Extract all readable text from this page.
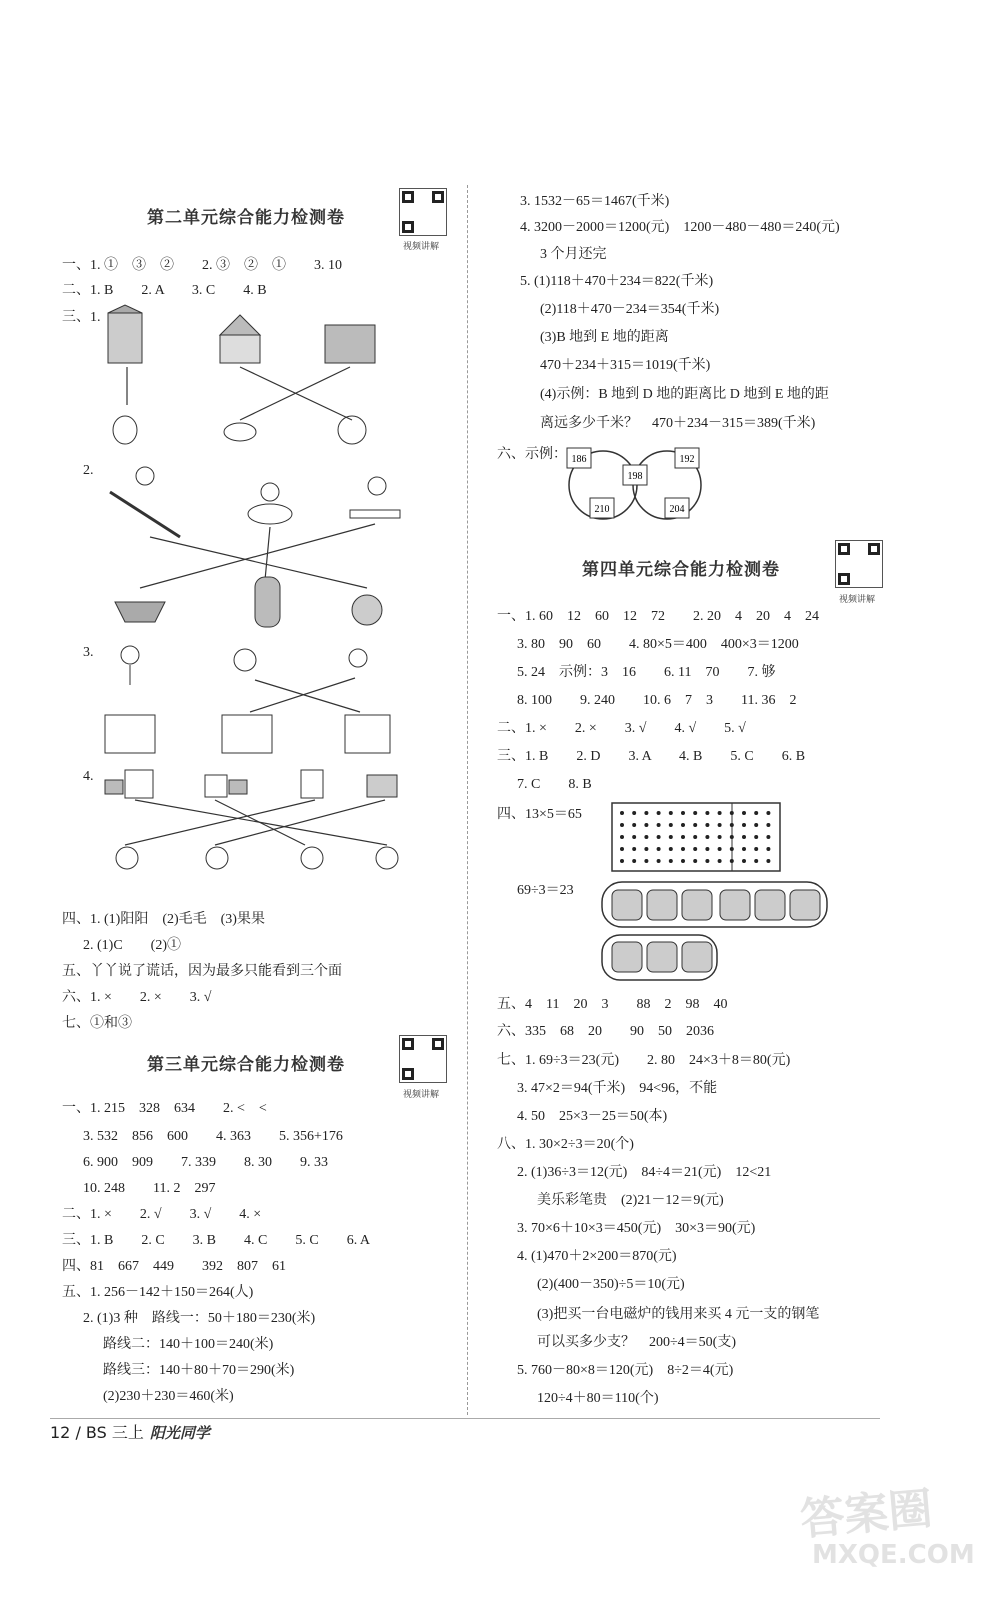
第二单元综合能力检测卷
视频讲解
一、1. ①　③　②　　2. ③　②　①　　3. 10
二、1. B　　2. A　　3. C　　4. B
三、1.
2.
3.
4.
四、1. (1)阳阳　(2)毛毛　(3)果果
2. (1)C　　(2)①
五、丫丫说了谎话，因为最多只能看到三个面
六、1. ×　　2. ×　　3. √
七、①和③
第三单元综合能力检测卷
视频讲解
一、1. 215　328　634　　2. <　<
3. 532　856　600　　4. 363　　5. 356+176
6. 900　909　　7. 339　　8. 30　　9. 33
10. 248　　11. 2　297
二、1. ×　　2. √　　3. √　　4. ×
三、1. B　　2. C　　3. B　　4. C　　5. C　　6. A
四、81　667　449　　392　807　61
五、1. 256－142＋150＝264(人)
2. (1)3 种　路线一：50＋180＝230(米)
路线二：140＋100＝240(米)
路线三：140＋80＋70＝290(米)
(2)230＋230＝460(米)
3. 1532－65＝1467(千米)
4. 3200－2000＝1200(元)　1200－480－480＝240(元)
3 个月还完
5. (1)118＋470＋234＝822(千米)
(2)118＋470－234＝354(千米)
(3)B 地到 E 地的距离
470＋234＋315＝1019(千米)
(4)示例：B 地到 D 地的距离比 D 地到 E 地的距
离远多少千米？　470＋234－315＝389(千米)
六、示例： 186	192
198
210	204
第四单元综合能力检测卷
视频讲解
一、1. 60　12　60　12　72　　2. 20　4　20　4　24
3. 80　90　60　　4. 80×5＝400　400×3＝1200
5. 24　示例：3　16　　6. 11　70　　7. 够
8. 100　　9. 240　　10. 6　7　3　　11. 36　2
二、1. ×　　2. ×　　3. √　　4. √　　5. √
三、1. B　　2. D　　3. A　　4. B　　5. C　　6. B
7. C　　8. B
四、13×5＝65
69÷3＝23
五、4　11　20　3　　88　2　98　40
六、335　68　20　　90　50　2036
七、1. 69÷3＝23(元)　　2. 80　24×3＋8＝80(元)
3. 47×2＝94(千米)　94<96，不能
4. 50　25×3－25＝50(本)
八、1. 30×2÷3＝20(个)
2. (1)36÷3＝12(元)　84÷4＝21(元)　12<21
美乐彩笔贵　(2)21－12＝9(元)
3. 70×6＋10×3＝450(元)　30×3＝90(元)
4. (1)470＋2×200＝870(元)
(2)(400－350)÷5＝10(元)
(3)把买一台电磁炉的钱用来买 4 元一支的钢笔
可以买多少支？　200÷4＝50(支)
5. 760－80×8＝120(元)　8÷2＝4(元)
120÷4＋80＝110(个)
12 / BS 三上 阳光同学
答案圈
MXQE.COM
